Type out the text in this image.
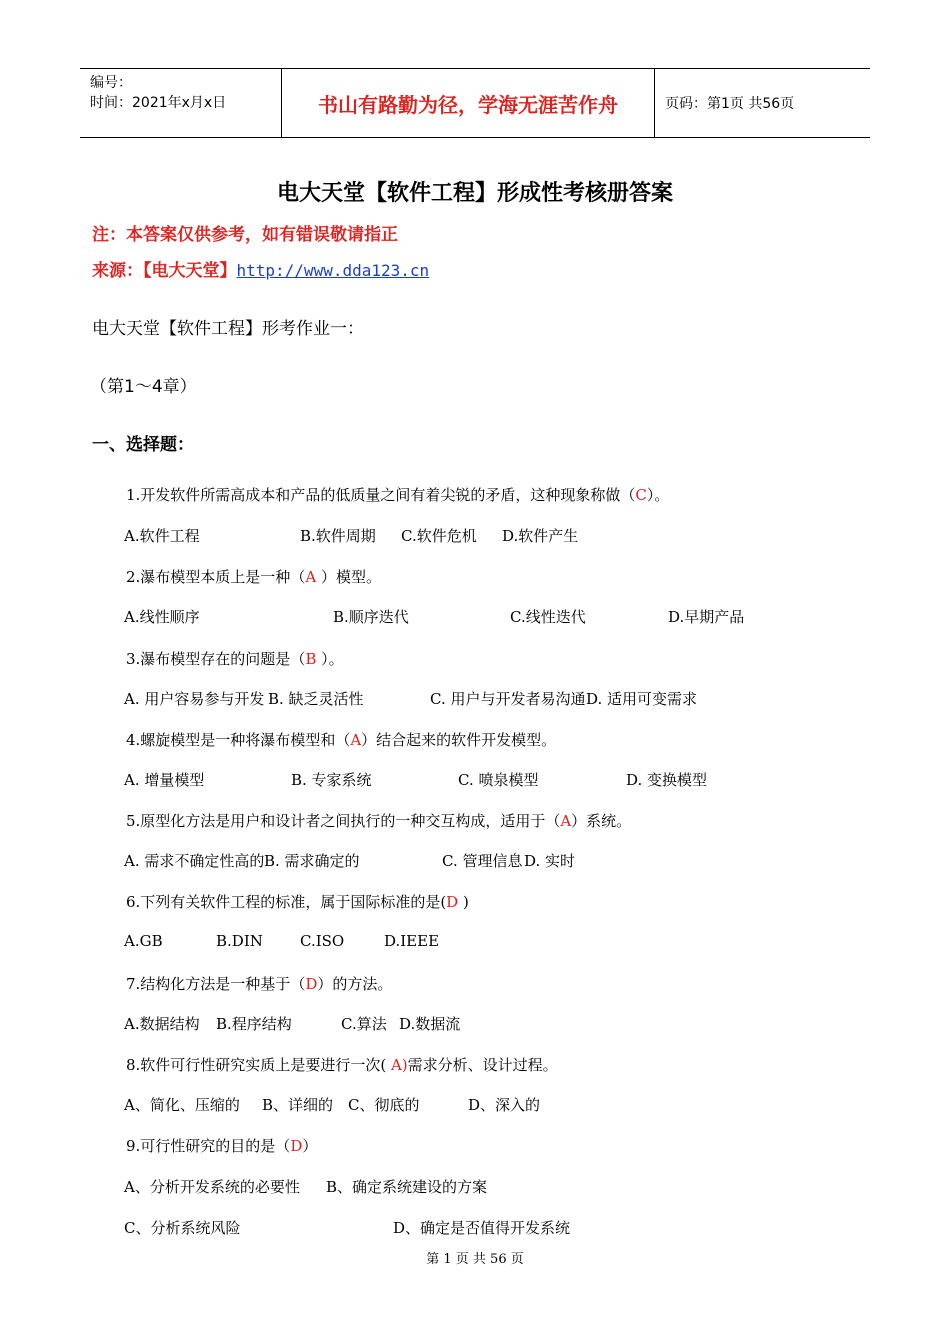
编号：
时间：2021年x月x日	书山有路勤为径，学海无涯苦作舟	页码：第1页 共56页
电大天堂【软件工程】形成性考核册答案
注：本答案仅供参考，如有错误敬请指正
来源：【电大天堂】http://www.dda123.cn
电大天堂【软件工程】形考作业一：
（第1～4章）
一、选择题：
1.开发软件所需高成本和产品的低质量之间有着尖锐的矛盾，这种现象称做（C）。
A.软件工程	B.软件周期 C.软件危机 D.软件产生
2.瀑布模型本质上是一种（A ）模型。
A.线性顺序	B.顺序迭代	C.线性迭代	D.早期产品
3.瀑布模型存在的问题是（B ）。
A. 用户容易参与开发 B. 缺乏灵活性	C. 用户与开发者易沟通 D. 适用可变需求
4.螺旋模型是一种将瀑布模型和（A）结合起来的软件开发模型。
A. 增量模型	B. 专家系统	C. 喷泉模型	D. 变换模型
5.原型化方法是用户和设计者之间执行的一种交互构成，适用于（A）系统。
A. 需求不确定性高的 B. 需求确定的	C. 管理信息 D. 实时
6.下列有关软件工程的标准，属于国际标准的是(D )
A.GB	B.DIN C.ISO	D.IEEE
7.结构化方法是一种基于（D）的方法。
A.数据结构 B.程序结构	C.算法 D.数据流
8.软件可行性研究实质上是要进行一次( A)需求分析、设计过程。
A、简化、压缩的 B、详细的 C、彻底的	D、深入的
9.可行性研究的目的是（D）
A、分析开发系统的必要性 B、确定系统建设的方案
C、分析系统风险	D、确定是否值得开发系统
第 1 页 共 56 页
